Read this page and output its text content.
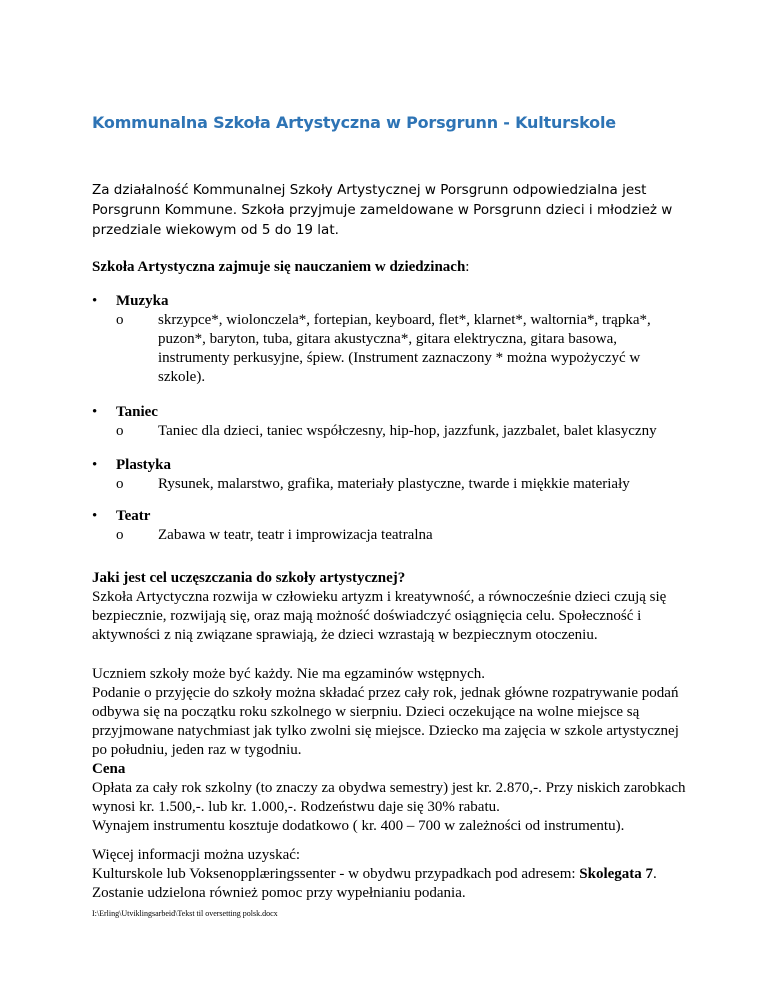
Kommunalna Szkoła Artystyczna w Porsgrunn - Kulturskole

Za działalność Kommunalnej Szkoły Artystycznej w Porsgrunn odpowiedzialna jest Porsgrunn Kommune. Szkoła przyjmuje zameldowane w Porsgrunn dzieci i młodzież w przedziale wiekowym od 5 do 19 lat.

Szkoła Artystyczna zajmuje się nauczaniem w dziedzinach:

• Muzyka
o skrzypce*, wiolonczela*, fortepian, keyboard, flet*, klarnet*, waltornia*, trąpka*, puzon*, baryton, tuba, gitara akustyczna*, gitara elektryczna, gitara basowa, instrumenty perkusyjne, śpiew. (Instrument zaznaczony * można wypożyczyć w szkole).
• Taniec
o Taniec dla dzieci, taniec współczesny, hip-hop, jazzfunk, jazzbalet, balet klasyczny
• Plastyka
o Rysunek, malarstwo, grafika, materiały plastyczne, twarde i miękkie materiały
• Teatr
o Zabawa w teatr, teatr i improwizacja teatralna
Jaki jest cel uczęszczania do szkoły artystycznej?
Szkoła Artyctyczna rozwija w człowieku artyzm i kreatywność, a równocześnie dzieci czują się bezpiecznie, rozwijają się, oraz mają możność doświadczyć osiągnięcia celu. Społeczność i aktywności z nią związane sprawiają, że dzieci wzrastają w bezpiecznym otoczeniu.
Uczniem szkoły może być każdy. Nie ma egzaminów wstępnych.
Podanie o przyjęcie do szkoły można składać przez cały rok, jednak główne rozpatrywanie podań odbywa się na początku roku szkolnego w sierpniu. Dzieci oczekujące na wolne miejsce są przyjmowane natychmiast jak tylko zwolni się miejsce. Dziecko ma zajęcia w szkole artystycznej po południu, jeden raz w tygodniu.
Cena
Opłata za cały rok szkolny (to znaczy za obydwa semestry) jest kr. 2.870,-. Przy niskich zarobkach wynosi kr. 1.500,-. lub kr. 1.000,-. Rodzeństwu daje się 30% rabatu.
Wynajem instrumentu kosztuje dodatkowo ( kr. 400 – 700 w zależności od instrumentu).
Więcej informacji można uzyskać:
Kulturskole lub Voksenopplæringssenter - w obydwu przypadkach pod adresem: Skolegata 7.
Zostanie udzielona również pomoc przy wypełnianiu podania.

I:\Erling\Utviklingsarbeid\Tekst til oversetting polsk.docx
